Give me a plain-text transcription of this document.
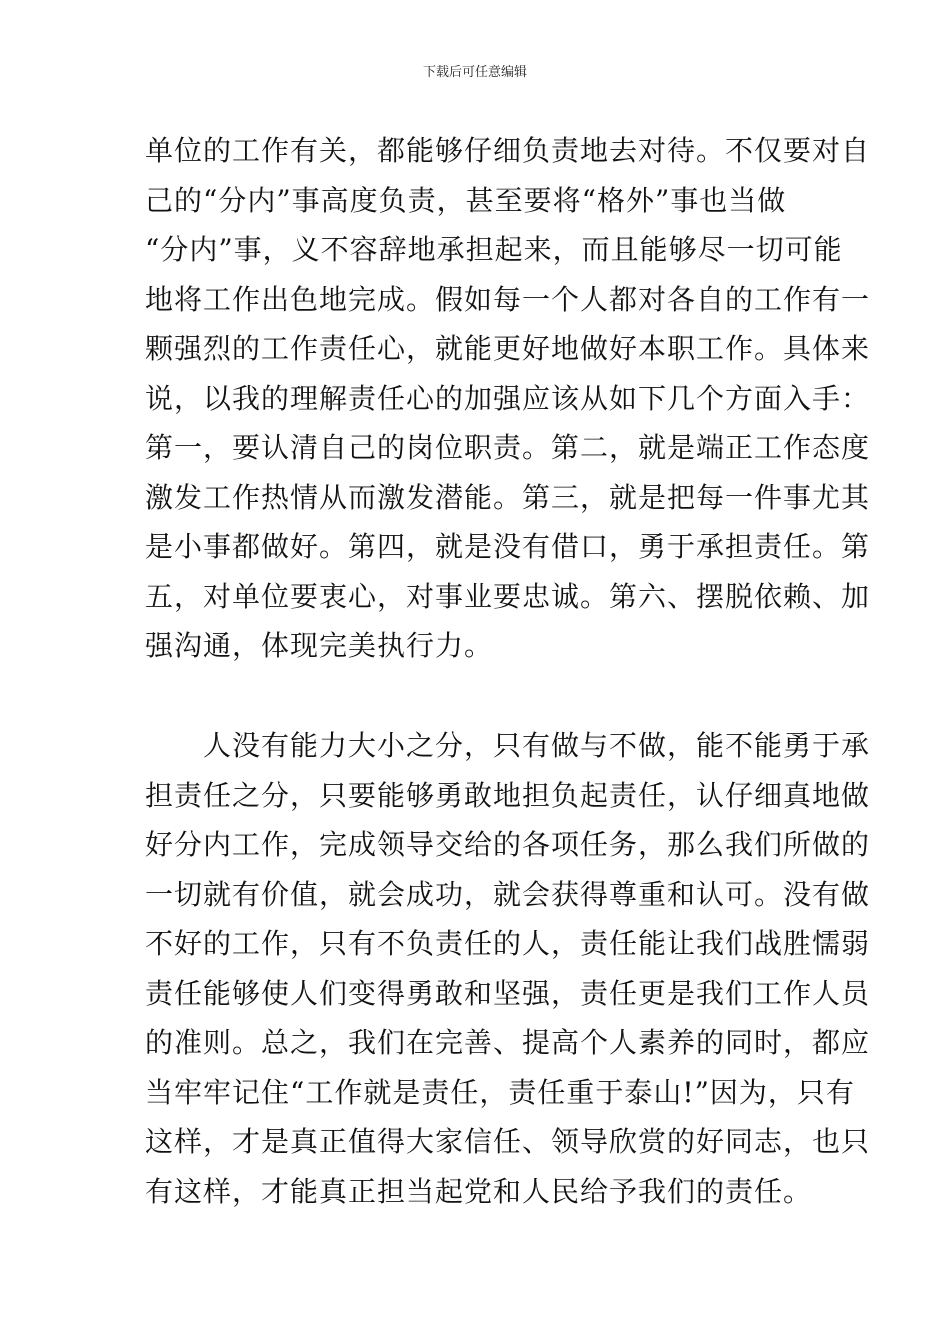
下载后可任意编辑
单位的工作有关，都能够仔细负责地去对待。不仅要对自
己的“分内”事高度负责，甚至要将“格外”事也当做
“分内”事，义不容辞地承担起来，而且能够尽一切可能
地将工作出色地完成。假如每一个人都对各自的工作有一
颗强烈的工作责任心，就能更好地做好本职工作。具体来
说，以我的理解责任心的加强应该从如下几个方面入手：
第一，要认清自己的岗位职责。第二，就是端正工作态度
激发工作热情从而激发潜能。第三，就是把每一件事尤其
是小事都做好。第四，就是没有借口，勇于承担责任。第
五，对单位要衷心，对事业要忠诚。第六、摆脱依赖、加
强沟通，体现完美执行力。
　　人没有能力大小之分，只有做与不做，能不能勇于承
担责任之分，只要能够勇敢地担负起责任，认仔细真地做
好分内工作，完成领导交给的各项任务，那么我们所做的
一切就有价值，就会成功，就会获得尊重和认可。没有做
不好的工作，只有不负责任的人，责任能让我们战胜懦弱
责任能够使人们变得勇敢和坚强，责任更是我们工作人员
的准则。总之，我们在完善、提高个人素养的同时，都应
当牢牢记住“工作就是责任，责任重于泰山!”因为，只有
这样，才是真正值得大家信任、领导欣赏的好同志，也只
有这样，才能真正担当起党和人民给予我们的责任。
